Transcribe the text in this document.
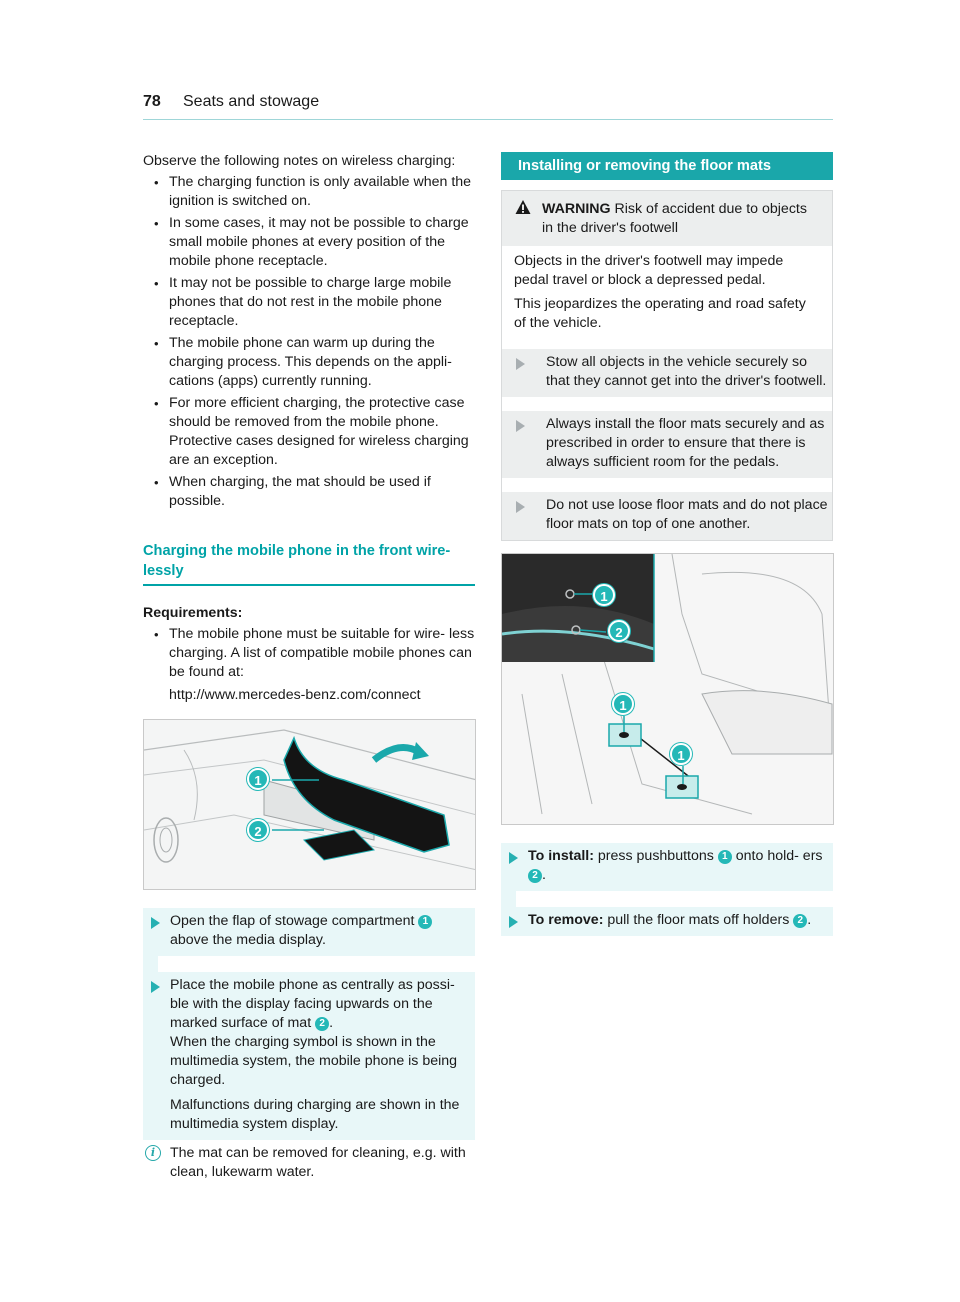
78 Seats and stowage

Observe the following notes on wireless charging:

• The charging function is only available when the ignition is switched on.
• In some cases, it may not be possible to charge small mobile phones at every position of the mobile phone receptacle.
• It may not be possible to charge large mobile phones that do not rest in the mobile phone receptacle.
• The mobile phone can warm up during the charging process. This depends on the appli- cations (apps) currently running.
• For more efficient charging, the protective case should be removed from the mobile phone. Protective cases designed for wireless charging are an exception.
• When charging, the mat should be used if possible.
Charging the mobile phone in the front wire- lessly
Requirements:
• The mobile phone must be suitable for wire- less charging. A list of compatible mobile phones can be found at:
http://www.mercedes-benz.com/connect
1
2
Open the flap of stowage compartment 1 above the media display.
Place the mobile phone as centrally as possi- ble with the display facing upwards on the marked surface of mat 2 .
When the charging symbol is shown in the multimedia system, the mobile phone is being charged.
Malfunctions during charging are shown in the multimedia system display.
i	The mat can be removed for cleaning, e.g. with clean, lukewarm water.
Installing or removing the floor mats
WARNING Risk of accident due to objects in the driver's footwell

Objects in the driver's footwell may impede pedal travel or block a depressed pedal.

This jeopardizes the operating and road safety of the vehicle.

Stow all objects in the vehicle securely so that they cannot get into the driver's footwell.
Always install the floor mats securely and as prescribed in order to ensure that there is always sufficient room for the pedals.
Do not use loose floor mats and do not place floor mats on top of one another.
1
2
1
1
To install: press pushbuttons 1 onto hold- ers 2 .
To remove: pull the floor mats off holders 2 .
